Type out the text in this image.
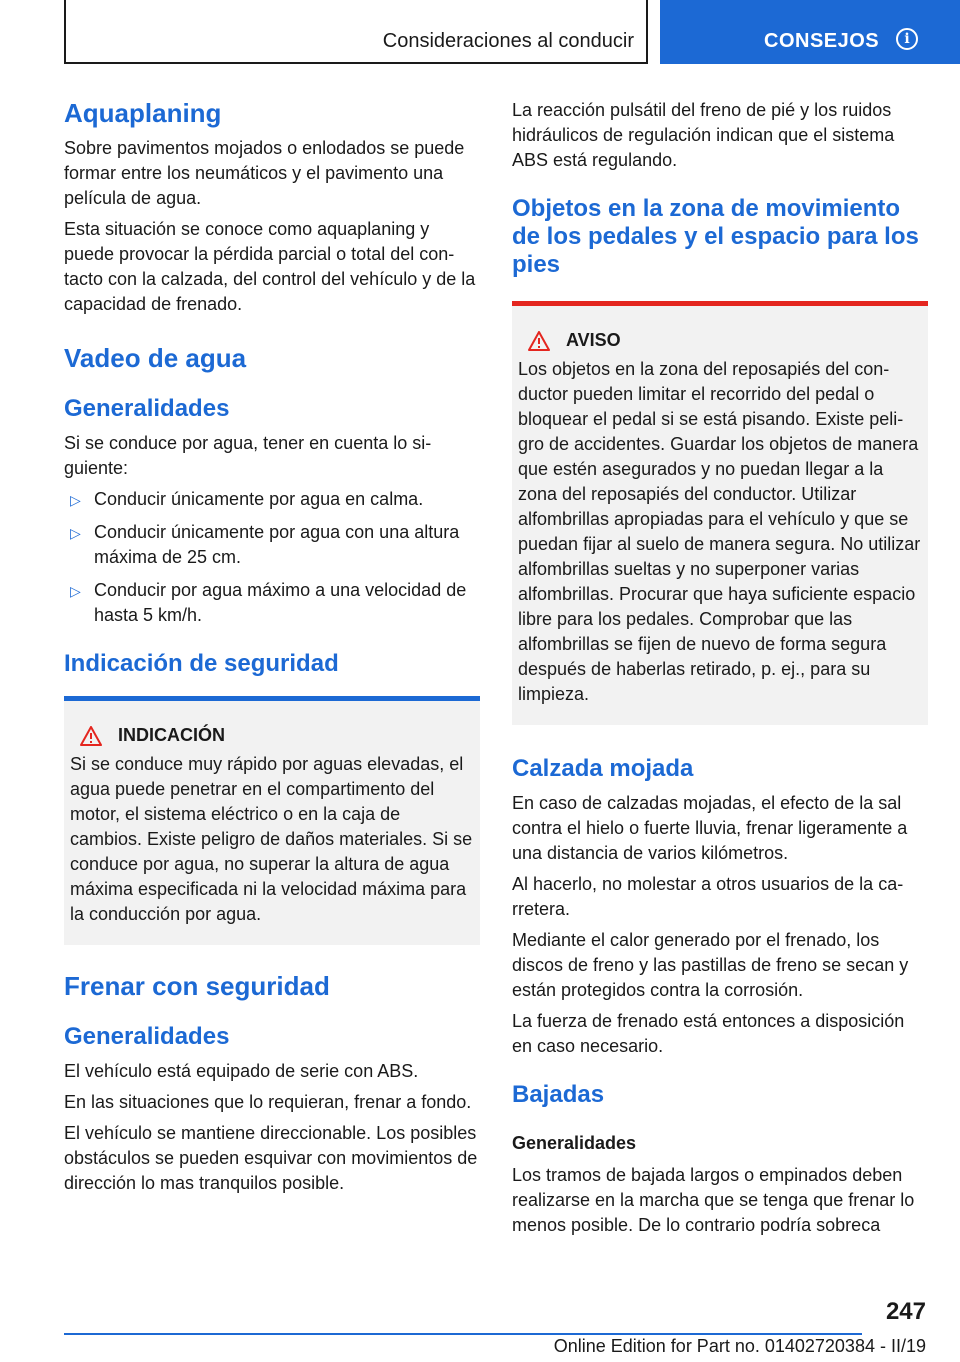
Consideraciones al conducir	CONSEJOS	i
Aquaplaning

Sobre pavimentos mojados o enlodados se puede formar entre los neumáticos y el pavimento una película de agua.

Esta situación se conoce como aquaplaning y puede provocar la pérdida parcial o total del contacto con la calzada, del control del vehículo y de la capacidad de frenado.

Vadeo de agua
Generalidades

Si se conduce por agua, tener en cuenta lo siguiente:

▷ Conducir únicamente por agua en calma.
▷ Conducir únicamente por agua con una altura máxima de 25 cm.
▷ Conducir por agua máximo a una velocidad de hasta 5 km/h.
Indicación de seguridad
INDICACIÓN

Si se conduce muy rápido por aguas elevadas, el agua puede penetrar en el compartimento del motor, el sistema eléctrico o en la caja de cambios. Existe peligro de daños materiales. Si se conduce por agua, no superar la altura de agua máxima especificada ni la velocidad máxima para la conducción por agua.

Frenar con seguridad
Generalidades

El vehículo está equipado de serie con ABS.

En las situaciones que lo requieran, frenar a fondo.

El vehículo se mantiene direccionable. Los posibles obstáculos se pueden esquivar con movimientos de dirección lo mas tranquilos posible.

La reacción pulsátil del freno de pié y los ruidos hidráulicos de regulación indican que el sistema ABS está regulando.

Objetos en la zona de movimiento de los pedales y el espacio para los pies
AVISO

Los objetos en la zona del reposapiés del conductor pueden limitar el recorrido del pedal o bloquear el pedal si se está pisando. Existe peligro de accidentes. Guardar los objetos de manera que estén asegurados y no puedan llegar a la zona del reposapiés del conductor. Utilizar alfombrillas apropiadas para el vehículo y que se puedan fijar al suelo de manera segura. No utilizar alfombrillas sueltas y no superponer varias alfombrillas. Procurar que haya suficiente espacio libre para los pedales. Comprobar que las alfombrillas se fijen de nuevo de forma segura después de haberlas retirado, p. ej., para su limpieza.

Calzada mojada

En caso de calzadas mojadas, el efecto de la sal contra el hielo o fuerte lluvia, frenar ligeramente a una distancia de varios kilómetros.

Al hacerlo, no molestar a otros usuarios de la carretera.

Mediante el calor generado por el frenado, los discos de freno y las pastillas de freno se secan y están protegidos contra la corrosión.

La fuerza de frenado está entonces a disposición en caso necesario.

Bajadas
Generalidades

Los tramos de bajada largos o empinados deben realizarse en la marcha que se tenga que frenar lo menos posible. De lo contrario podría sobreca

247
Online Edition for Part no. 01402720384 - II/19
